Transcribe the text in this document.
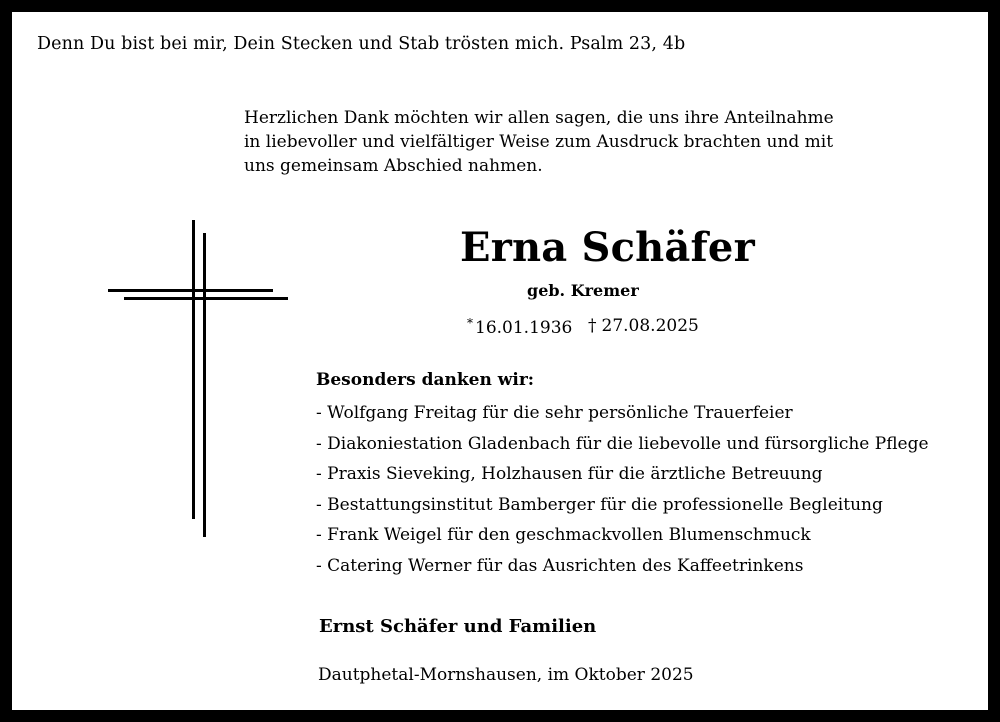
Denn Du bist bei mir, Dein Stecken und Stab trösten mich. Psalm 23, 4b
Herzlichen Dank möchten wir allen sagen, die uns ihre Anteilnahme
in liebevoller und vielfältiger Weise zum Ausdruck brachten und mit
uns gemeinsam Abschied nahmen.
Erna Schäfer
geb. Kremer
* 16.01.1936 † 27.08.2025
Besonders danken wir:
- Wolfgang Freitag für die sehr persönliche Trauerfeier
- Diakoniestation Gladenbach für die liebevolle und fürsorgliche Pflege
- Praxis Sieveking, Holzhausen für die ärztliche Betreuung
- Bestattungsinstitut Bamberger für die professionelle Begleitung
- Frank Weigel für den geschmackvollen Blumenschmuck
- Catering Werner für das Ausrichten des Kaffeetrinkens
Ernst Schäfer und Familien
Dautphetal-Mornshausen, im Oktober 2025
